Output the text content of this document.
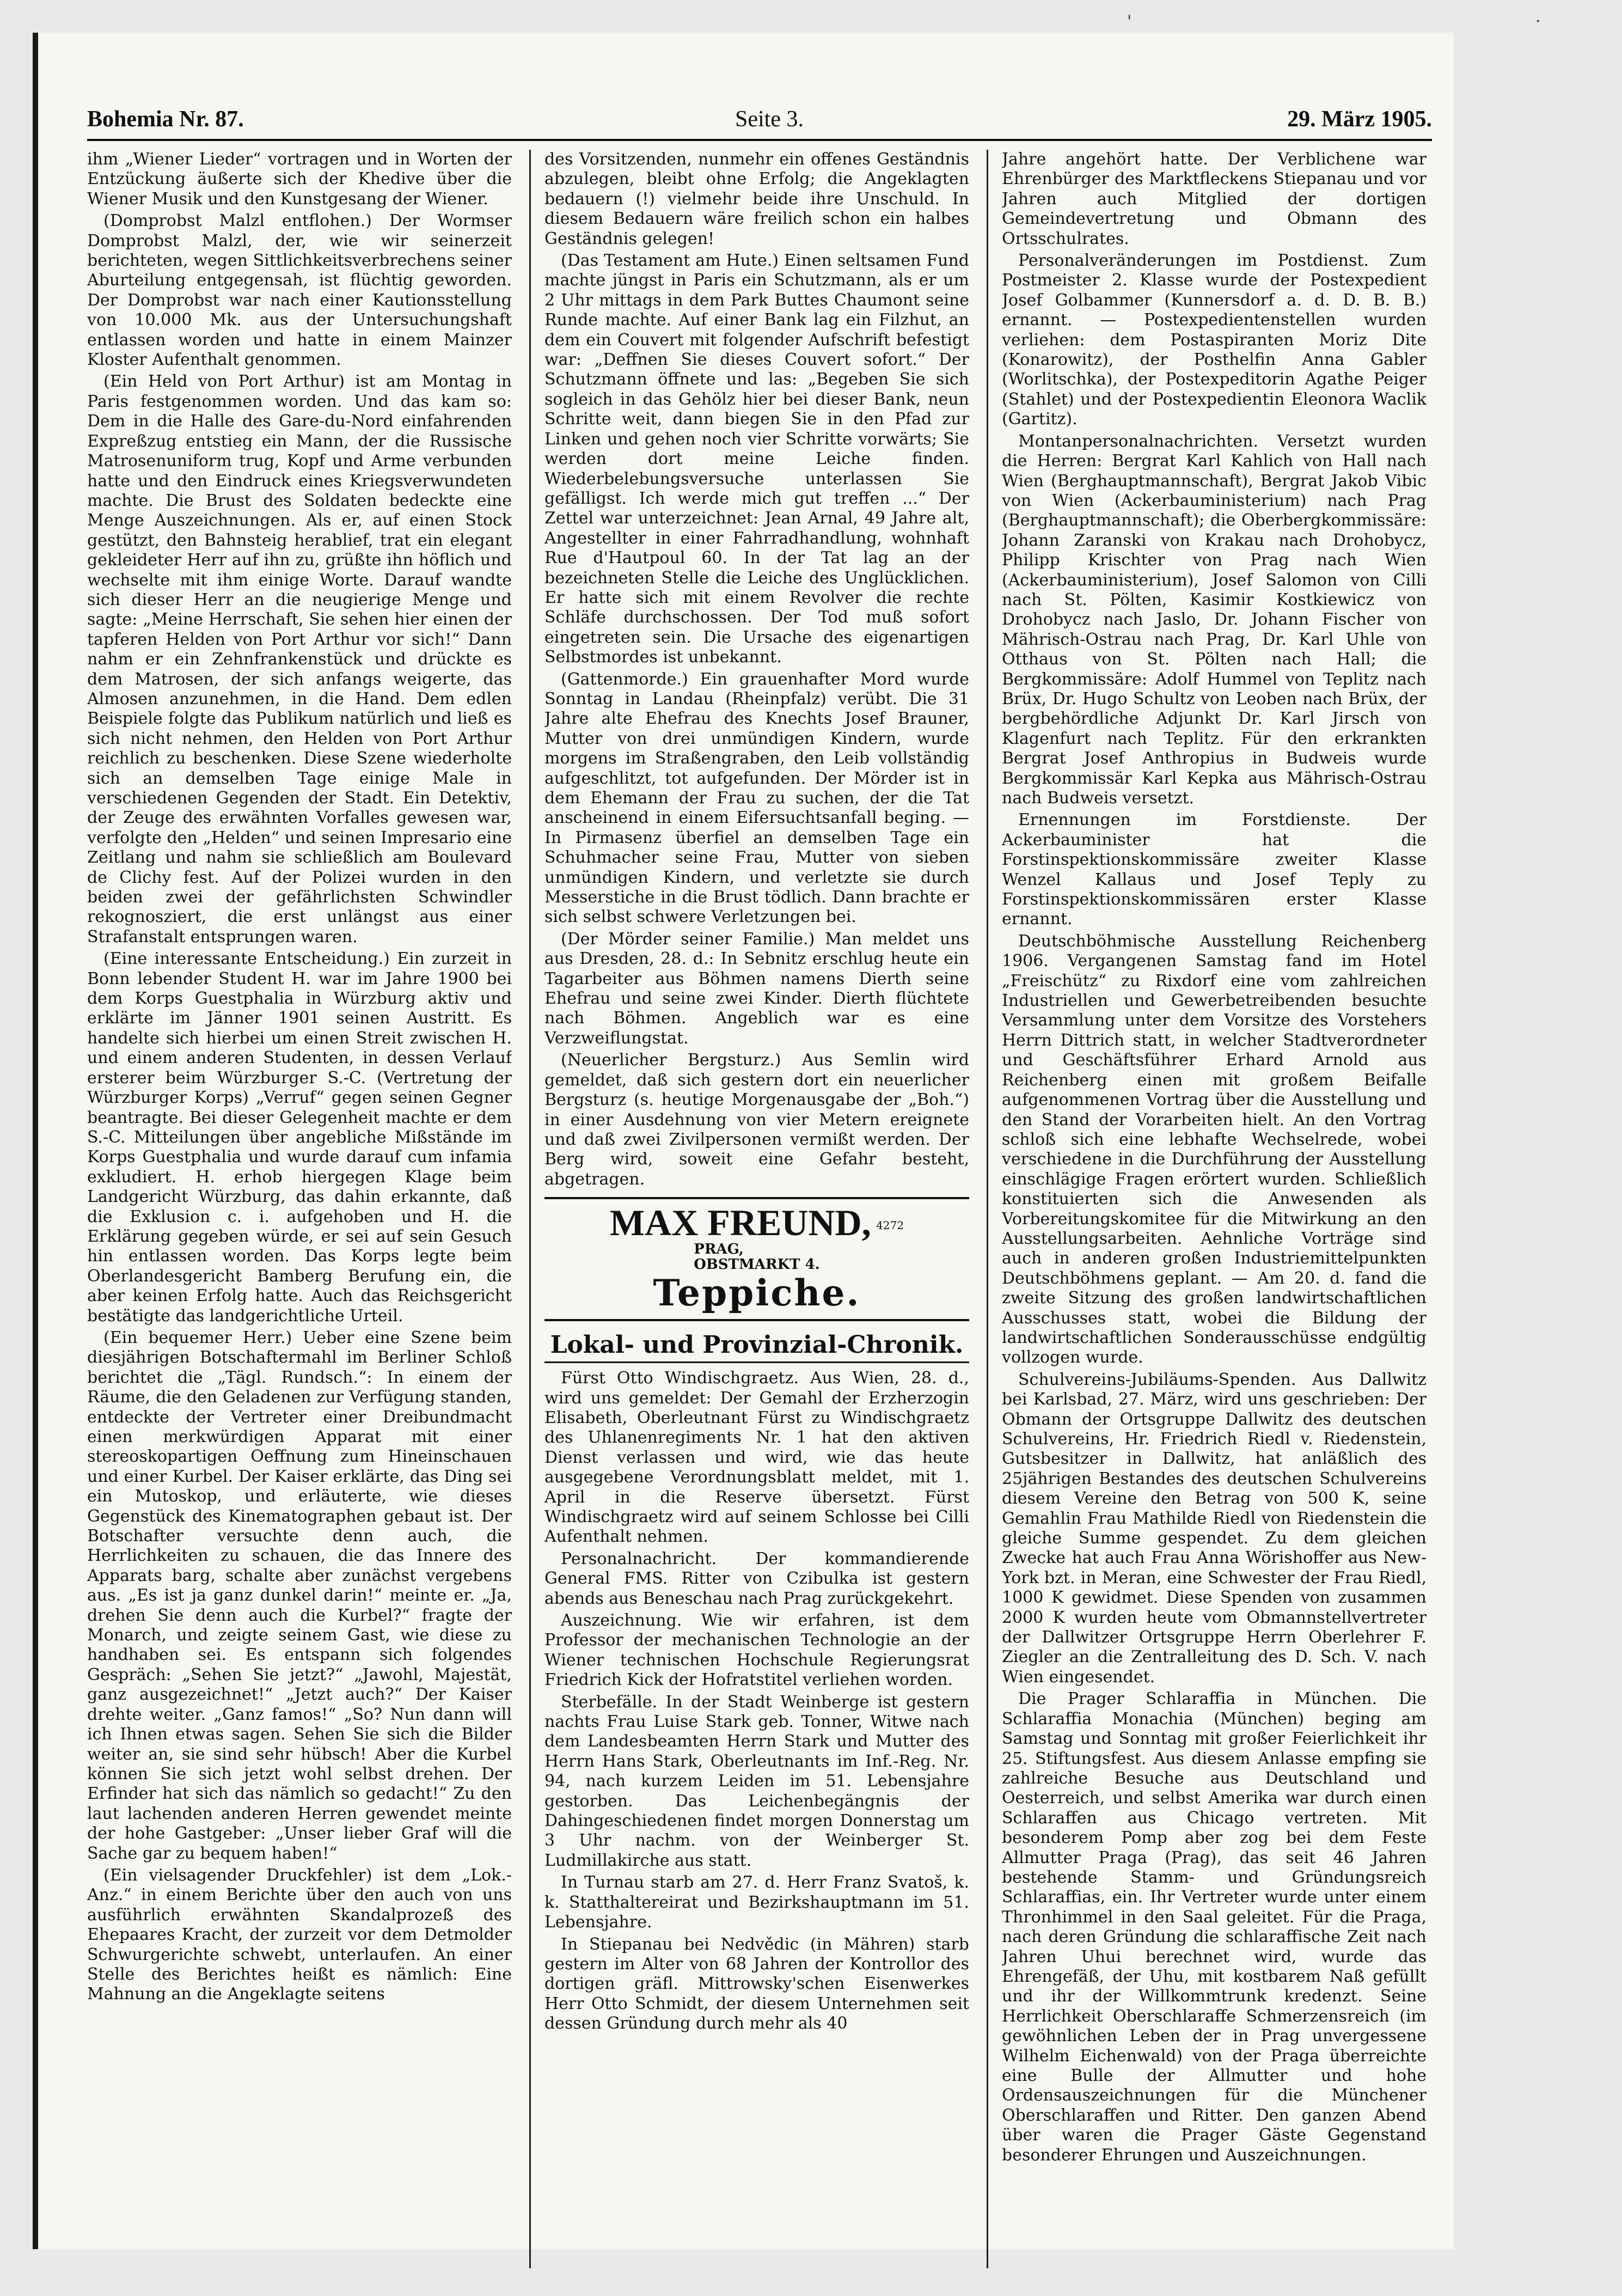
'	·
Bohemia Nr. 87.	Seite 3.	29. März 1905.

ihm „Wiener Lieder“ vortragen und in Worten der Entzückung äußerte sich der Khedive über die Wiener Musik und den Kunstgesang der Wiener.

(Domprobst Malzl entflohen.) Der Wormser Domprobst Malzl, der, wie wir seinerzeit berichteten, wegen Sittlichkeitsverbrechens seiner Aburteilung entgegensah, ist flüchtig geworden. Der Domprobst war nach einer Kautionsstellung von 10.000 Mk. aus der Untersuchungshaft entlassen worden und hatte in einem Mainzer Kloster Aufenthalt genommen.

(Ein Held von Port Arthur) ist am Montag in Paris festgenommen worden. Und das kam so: Dem in die Halle des Gare-du-Nord einfahrenden Expreßzug entstieg ein Mann, der die Russische Matrosenuniform trug, Kopf und Arme verbunden hatte und den Eindruck eines Kriegsverwundeten machte. Die Brust des Soldaten bedeckte eine Menge Auszeichnungen. Als er, auf einen Stock gestützt, den Bahnsteig herablief, trat ein elegant gekleideter Herr auf ihn zu, grüßte ihn höflich und wechselte mit ihm einige Worte. Darauf wandte sich dieser Herr an die neugierige Menge und sagte: „Meine Herrschaft, Sie sehen hier einen der tapferen Helden von Port Arthur vor sich!“ Dann nahm er ein Zehnfrankenstück und drückte es dem Matrosen, der sich anfangs weigerte, das Almosen anzunehmen, in die Hand. Dem edlen Beispiele folgte das Publikum natürlich und ließ es sich nicht nehmen, den Helden von Port Arthur reichlich zu beschenken. Diese Szene wiederholte sich an demselben Tage einige Male in verschiedenen Gegenden der Stadt. Ein Detektiv, der Zeuge des erwähnten Vorfalles gewesen war, verfolgte den „Helden“ und seinen Impresario eine Zeitlang und nahm sie schließlich am Boulevard de Clichy fest. Auf der Polizei wurden in den beiden zwei der gefährlichsten Schwindler rekognosziert, die erst unlängst aus einer Strafanstalt entsprungen waren.

(Eine interessante Entscheidung.) Ein zurzeit in Bonn lebender Student H. war im Jahre 1900 bei dem Korps Guestphalia in Würzburg aktiv und erklärte im Jänner 1901 seinen Austritt. Es handelte sich hierbei um einen Streit zwischen H. und einem anderen Studenten, in dessen Verlauf ersterer beim Würzburger S.-C. (Vertretung der Würzburger Korps) „Verruf“ gegen seinen Gegner beantragte. Bei dieser Gelegenheit machte er dem S.-C. Mitteilungen über angebliche Mißstände im Korps Guestphalia und wurde darauf cum infamia exkludiert. H. erhob hiergegen Klage beim Landgericht Würzburg, das dahin erkannte, daß die Exklusion c. i. aufgehoben und H. die Erklärung gegeben würde, er sei auf sein Gesuch hin entlassen worden. Das Korps legte beim Oberlandesgericht Bamberg Berufung ein, die aber keinen Erfolg hatte. Auch das Reichsgericht bestätigte das landgerichtliche Urteil.

(Ein bequemer Herr.) Ueber eine Szene beim diesjährigen Botschaftermahl im Berliner Schloß berichtet die „Tägl. Rundsch.“: In einem der Räume, die den Geladenen zur Verfügung standen, entdeckte der Vertreter einer Dreibundmacht einen merkwürdigen Apparat mit einer stereoskopartigen Oeffnung zum Hineinschauen und einer Kurbel. Der Kaiser erklärte, das Ding sei ein Mutoskop, und erläuterte, wie dieses Gegenstück des Kinematographen gebaut ist. Der Botschafter versuchte denn auch, die Herrlichkeiten zu schauen, die das Innere des Apparats barg, schalte aber zunächst vergebens aus. „Es ist ja ganz dunkel darin!“ meinte er. „Ja, drehen Sie denn auch die Kurbel?“ fragte der Monarch, und zeigte seinem Gast, wie diese zu handhaben sei. Es entspann sich folgendes Gespräch: „Sehen Sie jetzt?“ „Jawohl, Majestät, ganz ausgezeichnet!“ „Jetzt auch?“ Der Kaiser drehte weiter. „Ganz famos!“ „So? Nun dann will ich Ihnen etwas sagen. Sehen Sie sich die Bilder weiter an, sie sind sehr hübsch! Aber die Kurbel können Sie sich jetzt wohl selbst drehen. Der Erfinder hat sich das nämlich so gedacht!“ Zu den laut lachenden anderen Herren gewendet meinte der hohe Gastgeber: „Unser lieber Graf will die Sache gar zu bequem haben!“

(Ein vielsagender Druckfehler) ist dem „Lok.-Anz.“ in einem Berichte über den auch von uns ausführlich erwähnten Skandalprozeß des Ehepaares Kracht, der zurzeit vor dem Detmolder Schwurgerichte schwebt, unterlaufen. An einer Stelle des Berichtes heißt es nämlich: Eine Mahnung an die Angeklagte seitens

des Vorsitzenden, nunmehr ein offenes Geständnis abzulegen, bleibt ohne Erfolg; die Angeklagten bedauern (!) vielmehr beide ihre Unschuld. In diesem Bedauern wäre freilich schon ein halbes Geständnis gelegen!

(Das Testament am Hute.) Einen seltsamen Fund machte jüngst in Paris ein Schutzmann, als er um 2 Uhr mittags in dem Park Buttes Chaumont seine Runde machte. Auf einer Bank lag ein Filzhut, an dem ein Couvert mit folgender Aufschrift befestigt war: „Deffnen Sie dieses Couvert sofort.“ Der Schutzmann öffnete und las: „Begeben Sie sich sogleich in das Gehölz hier bei dieser Bank, neun Schritte weit, dann biegen Sie in den Pfad zur Linken und gehen noch vier Schritte vorwärts; Sie werden dort meine Leiche finden. Wiederbelebungsversuche unterlassen Sie gefälligst. Ich werde mich gut treffen ...“ Der Zettel war unterzeichnet: Jean Arnal, 49 Jahre alt, Angestellter in einer Fahrradhandlung, wohnhaft Rue d'Hautpoul 60. In der Tat lag an der bezeichneten Stelle die Leiche des Unglücklichen. Er hatte sich mit einem Revolver die rechte Schläfe durchschossen. Der Tod muß sofort eingetreten sein. Die Ursache des eigenartigen Selbstmordes ist unbekannt.

(Gattenmorde.) Ein grauenhafter Mord wurde Sonntag in Landau (Rheinpfalz) verübt. Die 31 Jahre alte Ehefrau des Knechts Josef Brauner, Mutter von drei unmündigen Kindern, wurde morgens im Straßengraben, den Leib vollständig aufgeschlitzt, tot aufgefunden. Der Mörder ist in dem Ehemann der Frau zu suchen, der die Tat anscheinend in einem Eifersuchtsanfall beging. — In Pirmasenz überfiel an demselben Tage ein Schuhmacher seine Frau, Mutter von sieben unmündigen Kindern, und verletzte sie durch Messerstiche in die Brust tödlich. Dann brachte er sich selbst schwere Verletzungen bei.

(Der Mörder seiner Familie.) Man meldet uns aus Dresden, 28. d.: In Sebnitz erschlug heute ein Tagarbeiter aus Böhmen namens Dierth seine Ehefrau und seine zwei Kinder. Dierth flüchtete nach Böhmen. Angeblich war es eine Verzweiflungstat.

(Neuerlicher Bergsturz.) Aus Semlin wird gemeldet, daß sich gestern dort ein neuerlicher Bergsturz (s. heutige Morgenausgabe der „Boh.“) in einer Ausdehnung von vier Metern ereignete und daß zwei Zivilpersonen vermißt werden. Der Berg wird, soweit eine Gefahr besteht, abgetragen.

MAX FREUND, $^{4272}$ PRAG,
OBSTMARKT 4.
Teppiche.
Lokal- und Provinzial-Chronik.

Fürst Otto Windischgraetz. Aus Wien, 28. d., wird uns gemeldet: Der Gemahl der Erzherzogin Elisabeth, Oberleutnant Fürst zu Windischgraetz des Uhlanenregiments Nr. 1 hat den aktiven Dienst verlassen und wird, wie das heute ausgegebene Verordnungsblatt meldet, mit 1. April in die Reserve übersetzt. Fürst Windischgraetz wird auf seinem Schlosse bei Cilli Aufenthalt nehmen.

Personalnachricht. Der kommandierende General FMS. Ritter von Czibulka ist gestern abends aus Beneschau nach Prag zurückgekehrt.

Auszeichnung. Wie wir erfahren, ist dem Professor der mechanischen Technologie an der Wiener technischen Hochschule Regierungsrat Friedrich Kick der Hofratstitel verliehen worden.

Sterbefälle. In der Stadt Weinberge ist gestern nachts Frau Luise Stark geb. Tonner, Witwe nach dem Landesbeamten Herrn Stark und Mutter des Herrn Hans Stark, Oberleutnants im Inf.-Reg. Nr. 94, nach kurzem Leiden im 51. Lebensjahre gestorben. Das Leichenbegängnis der Dahingeschiedenen findet morgen Donnerstag um 3 Uhr nachm. von der Weinberger St. Ludmillakirche aus statt.

In Turnau starb am 27. d. Herr Franz Svatoš, k. k. Statthaltereirat und Bezirkshauptmann im 51. Lebensjahre.

In Stiepanau bei Nedvědic (in Mähren) starb gestern im Alter von 68 Jahren der Kontrollor des dortigen gräfl. Mittrowsky'schen Eisenwerkes Herr Otto Schmidt, der diesem Unternehmen seit dessen Gründung durch mehr als 40

Jahre angehört hatte. Der Verblichene war Ehrenbürger des Marktfleckens Stiepanau und vor Jahren auch Mitglied der dortigen Gemeindevertretung und Obmann des Ortsschulrates.

Personalveränderungen im Postdienst. Zum Postmeister 2. Klasse wurde der Postexpedient Josef Golbammer (Kunnersdorf a. d. D. B. B.) ernannt. — Postexpedientenstellen wurden verliehen: dem Postaspiranten Moriz Dite (Konarowitz), der Posthelfin Anna Gabler (Worlitschka), der Postexpeditorin Agathe Peiger (Stahlet) und der Postexpedientin Eleonora Waclik (Gartitz).

Montanpersonalnachrichten. Versetzt wurden die Herren: Bergrat Karl Kahlich von Hall nach Wien (Berghauptmannschaft), Bergrat Jakob Vibic von Wien (Ackerbauministerium) nach Prag (Berghauptmannschaft); die Oberbergkommissäre: Johann Zaranski von Krakau nach Drohobycz, Philipp Krischter von Prag nach Wien (Ackerbauministerium), Josef Salomon von Cilli nach St. Pölten, Kasimir Kostkiewicz von Drohobycz nach Jaslo, Dr. Johann Fischer von Mährisch-Ostrau nach Prag, Dr. Karl Uhle von Otthaus von St. Pölten nach Hall; die Bergkommissäre: Adolf Hummel von Teplitz nach Brüx, Dr. Hugo Schultz von Leoben nach Brüx, der bergbehördliche Adjunkt Dr. Karl Jirsch von Klagenfurt nach Teplitz. Für den erkrankten Bergrat Josef Anthropius in Budweis wurde Bergkommissär Karl Kepka aus Mährisch-Ostrau nach Budweis versetzt.

Ernennungen im Forstdienste. Der Ackerbauminister hat die Forstinspektionskommissäre zweiter Klasse Wenzel Kallaus und Josef Teply zu Forstinspektionskommissären erster Klasse ernannt.

Deutschböhmische Ausstellung Reichenberg 1906. Vergangenen Samstag fand im Hotel „Freischütz“ zu Rixdorf eine vom zahlreichen Industriellen und Gewerbetreibenden besuchte Versammlung unter dem Vorsitze des Vorstehers Herrn Dittrich statt, in welcher Stadtverordneter und Geschäftsführer Erhard Arnold aus Reichenberg einen mit großem Beifalle aufgenommenen Vortrag über die Ausstellung und den Stand der Vorarbeiten hielt. An den Vortrag schloß sich eine lebhafte Wechselrede, wobei verschiedene in die Durchführung der Ausstellung einschlägige Fragen erörtert wurden. Schließlich konstituierten sich die Anwesenden als Vorbereitungskomitee für die Mitwirkung an den Ausstellungsarbeiten. Aehnliche Vorträge sind auch in anderen großen Industriemittelpunkten Deutschböhmens geplant. — Am 20. d. fand die zweite Sitzung des großen landwirtschaftlichen Ausschusses statt, wobei die Bildung der landwirtschaftlichen Sonderausschüsse endgültig vollzogen wurde.

Schulvereins-Jubiläums-Spenden. Aus Dallwitz bei Karlsbad, 27. März, wird uns geschrieben: Der Obmann der Ortsgruppe Dallwitz des deutschen Schulvereins, Hr. Friedrich Riedl v. Riedenstein, Gutsbesitzer in Dallwitz, hat anläßlich des 25jährigen Bestandes des deutschen Schulvereins diesem Vereine den Betrag von 500 K, seine Gemahlin Frau Mathilde Riedl von Riedenstein die gleiche Summe gespendet. Zu dem gleichen Zwecke hat auch Frau Anna Wörishoffer aus New-York bzt. in Meran, eine Schwester der Frau Riedl, 1000 K gewidmet. Diese Spenden von zusammen 2000 K wurden heute vom Obmannstellvertreter der Dallwitzer Ortsgruppe Herrn Oberlehrer F. Ziegler an die Zentralleitung des D. Sch. V. nach Wien eingesendet.

Die Prager Schlaraffia in München. Die Schlaraffia Monachia (München) beging am Samstag und Sonntag mit großer Feierlichkeit ihr 25. Stiftungsfest. Aus diesem Anlasse empfing sie zahlreiche Besuche aus Deutschland und Oesterreich, und selbst Amerika war durch einen Schlaraffen aus Chicago vertreten. Mit besonderem Pomp aber zog bei dem Feste Allmutter Praga (Prag), das seit 46 Jahren bestehende Stamm- und Gründungsreich Schlaraffias, ein. Ihr Vertreter wurde unter einem Thronhimmel in den Saal geleitet. Für die Praga, nach deren Gründung die schlaraffische Zeit nach Jahren Uhui berechnet wird, wurde das Ehrengefäß, der Uhu, mit kostbarem Naß gefüllt und ihr der Willkommtrunk kredenzt. Seine Herrlichkeit Oberschlaraffe Schmerzensreich (im gewöhnlichen Leben der in Prag unvergessene Wilhelm Eichenwald) von der Praga überreichte eine Bulle der Allmutter und hohe Ordensauszeichnungen für die Münchener Oberschlaraffen und Ritter. Den ganzen Abend über waren die Prager Gäste Gegenstand besonderer Ehrungen und Auszeichnungen.
